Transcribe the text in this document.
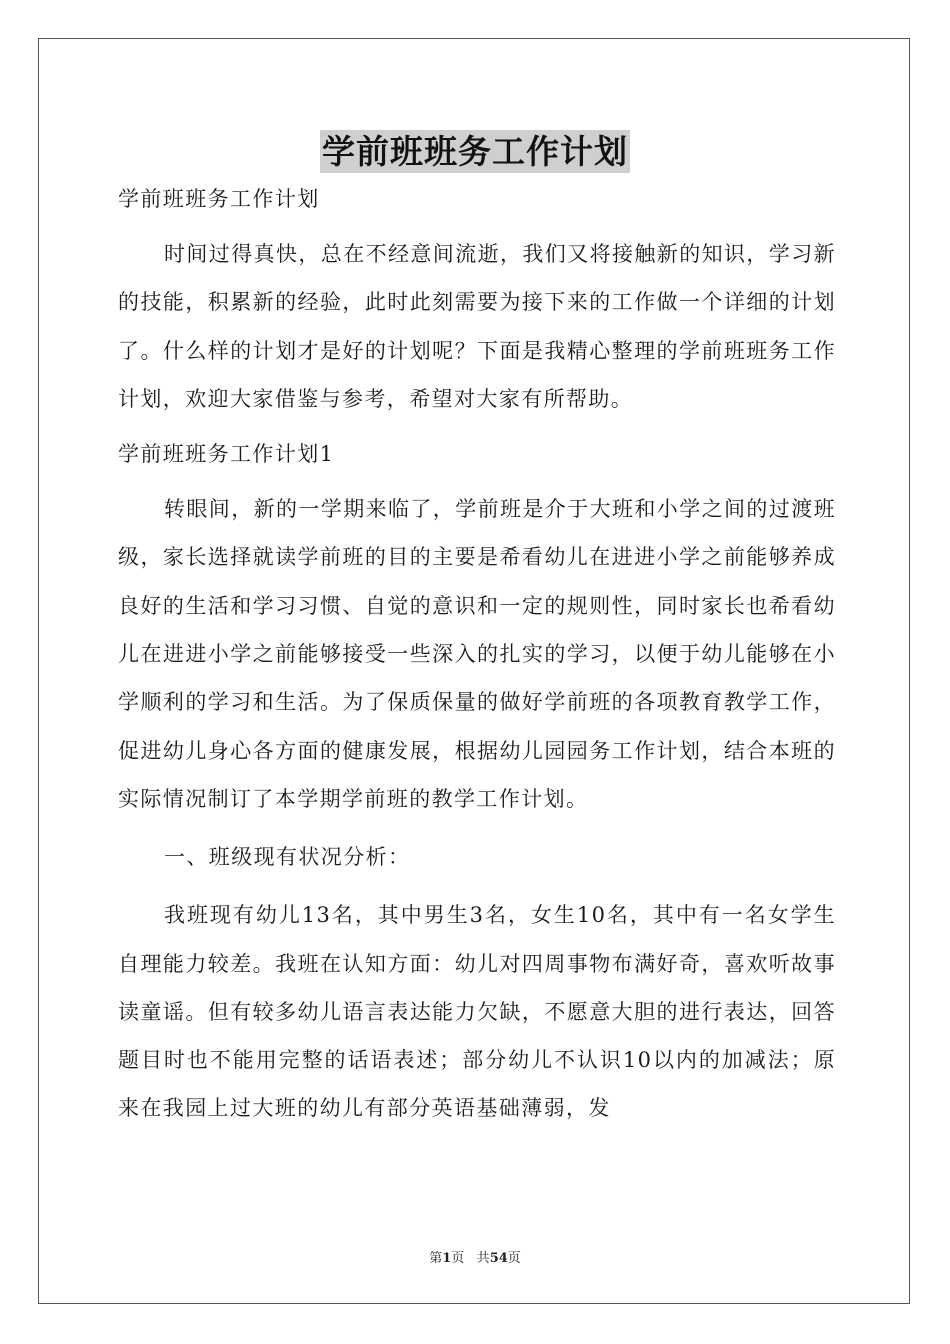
学前班班务工作计划

学前班班务工作计划

时间过得真快，总在不经意间流逝，我们又将接触新的知识，学习新的技能，积累新的经验，此时此刻需要为接下来的工作做一个详细的计划了。什么样的计划才是好的计划呢？下面是我精心整理的学前班班务工作计划，欢迎大家借鉴与参考，希望对大家有所帮助。

学前班班务工作计划1

转眼间，新的一学期来临了，学前班是介于大班和小学之间的过渡班级，家长选择就读学前班的目的主要是希看幼儿在进进小学之前能够养成良好的生活和学习习惯、自觉的意识和一定的规则性，同时家长也希看幼儿在进进小学之前能够接受一些深入的扎实的学习，以便于幼儿能够在小学顺利的学习和生活。为了保质保量的做好学前班的各项教育教学工作，促进幼儿身心各方面的健康发展，根据幼儿园园务工作计划，结合本班的实际情况制订了本学期学前班的教学工作计划。

一、班级现有状况分析：

我班现有幼儿13名，其中男生3名，女生10名，其中有一名女学生自理能力较差。我班在认知方面：幼儿对四周事物布满好奇，喜欢听故事读童谣。但有较多幼儿语言表达能力欠缺，不愿意大胆的进行表达，回答题目时也不能用完整的话语表述；部分幼儿不认识10以内的加减法；原来在我园上过大班的幼儿有部分英语基础薄弱，发

第1页 共54页
